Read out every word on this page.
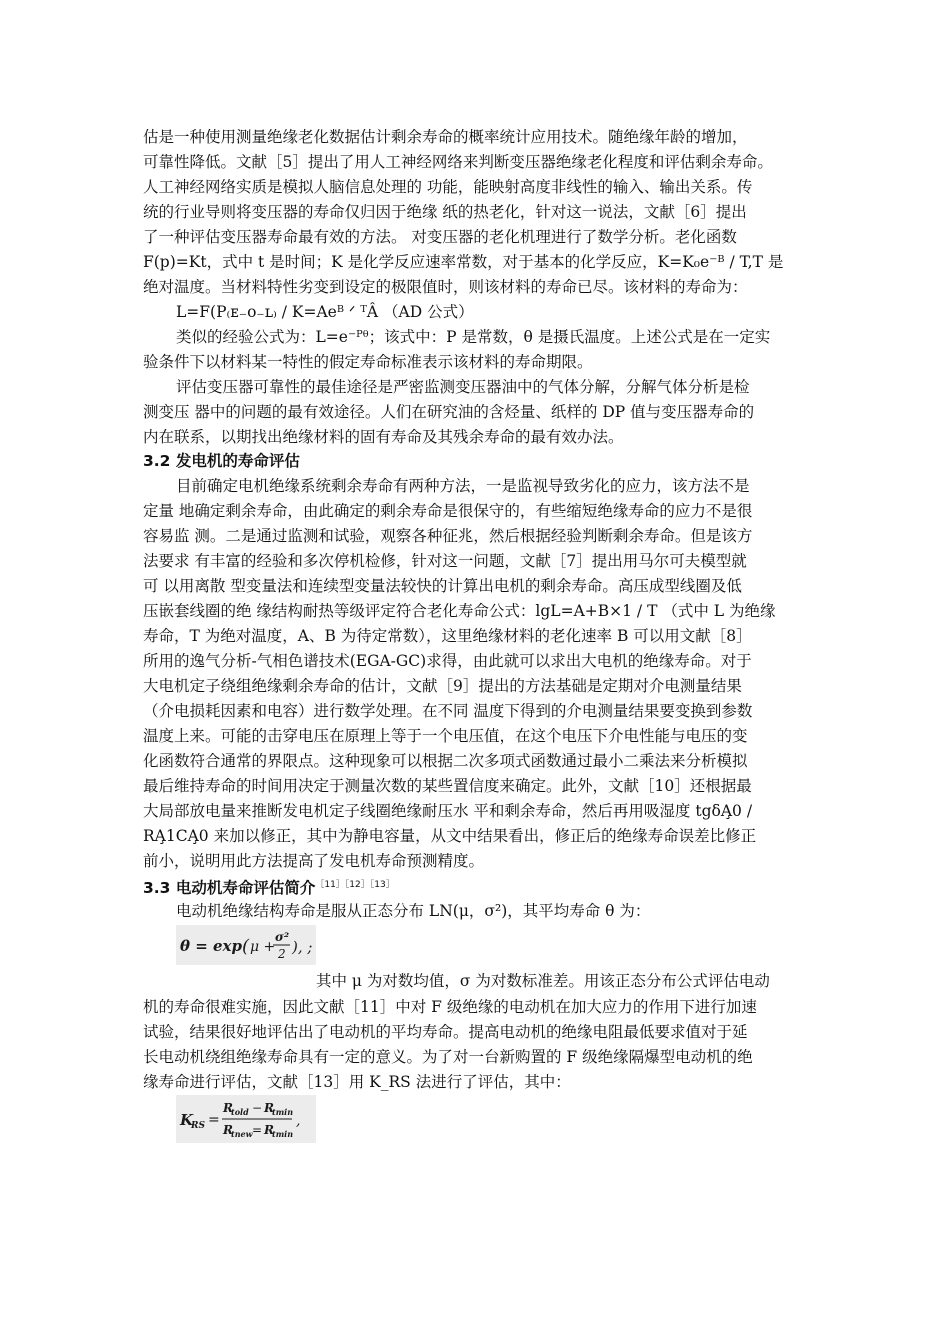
估是一种使用测量绝缘老化数据估计剩余寿命的概率统计应用技术。随绝缘年龄的增加，
可靠性降低。文献［5］提出了用人工神经网络来判断变压器绝缘老化程度和评估剩余寿命。
人工神经网络实质是模拟人脑信息处理的 功能，能映射高度非线性的输入、输出关系。传
统的行业导则将变压器的寿命仅归因于绝缘 纸的热老化，针对这一说法，文献［6］提出
了一种评估变压器寿命最有效的方法。 对变压器的老化机理进行了数学分析。老化函数
F(p)=Kt，式中 t 是时间；K 是化学反应速率常数，对于基本的化学反应，K=K₀e⁻ᴮ / T,T 是
绝对温度。当材料特性劣变到设定的极限值时，则该材料的寿命已尽。该材料的寿命为：
L=F(P₍ᴇ₋ᴏ₋ʟ₎ / K=Aeᴮ ᐟ ᵀÂ （AD 公式）
类似的经验公式为：L=e⁻ᴾᶿ；该式中：P 是常数，θ 是摄氏温度。上述公式是在一定实
验条件下以材料某一特性的假定寿命标准表示该材料的寿命期限。
评估变压器可靠性的最佳途径是严密监测变压器油中的气体分解，分解气体分析是检
测变压 器中的问题的最有效途径。人们在研究油的含烃量、纸样的 DP 值与变压器寿命的
内在联系，以期找出绝缘材料的固有寿命及其残余寿命的最有效办法。
3.2 发电机的寿命评估
目前确定电机绝缘系统剩余寿命有两种方法，一是监视导致劣化的应力，该方法不是
定量 地确定剩余寿命，由此确定的剩余寿命是很保守的，有些缩短绝缘寿命的应力不是很
容易监 测。二是通过监测和试验，观察各种征兆，然后根据经验判断剩余寿命。但是该方
法要求 有丰富的经验和多次停机检修，针对这一问题，文献［7］提出用马尔可夫模型就
可 以用离散 型变量法和连续型变量法较快的计算出电机的剩余寿命。高压成型线圈及低
压嵌套线圈的绝 缘结构耐热等级评定符合老化寿命公式：lgL=A+B×1 / T （式中 L 为绝缘
寿命，T 为绝对温度，A、B 为待定常数），这里绝缘材料的老化速率 B 可以用文献［8］
所用的逸气分析-气相色谱技术(EGA-GC)求得，由此就可以求出大电机的绝缘寿命。对于
大电机定子绕组绝缘剩余寿命的估计，文献［9］提出的方法基础是定期对介电测量结果
（介电损耗因素和电容）进行数学处理。在不同 温度下得到的介电测量结果要变换到参数
温度上来。可能的击穿电压在原理上等于一个电压值，在这个电压下介电性能与电压的变
化函数符合通常的界限点。这种现象可以根据二次多项式函数通过最小二乘法来分析模拟
最后维持寿命的时间用决定于测量次数的某些置信度来确定。此外，文献［10］还根据最
大局部放电量来推断发电机定子线圈绝缘耐压水 平和剩余寿命，然后再用吸湿度 tgδA̧0 /
RA̧1CA̧0 来加以修正，其中为静电容量，从文中结果看出，修正后的绝缘寿命误差比修正
前小，说明用此方法提高了发电机寿命预测精度。
3.3 电动机寿命评估简介$^{[11][12][13]}$
电动机绝缘结构寿命是服从正态分布 LN(μ，σ²)，其平均寿命 θ 为：
θ = exp ( μ +
σ²
2 ), ;
其中 μ 为对数均值，σ 为对数标准差。用该正态分布公式评估电动
机的寿命很难实施，因此文献［11］中对 F 级绝缘的电动机在加大应力的作用下进行加速
试验，结果很好地评估出了电动机的平均寿命。提高电动机的绝缘电阻最低要求值对于延
长电动机绕组绝缘寿命具有一定的意义。为了对一台新购置的 F 级绝缘隔爆型电动机的绝
缘寿命进行评估，文献［13］用 K_RS 法进行了评估，其中：
K
RS =
R
told − R
tmin
R
tnew = R
tmin
,
